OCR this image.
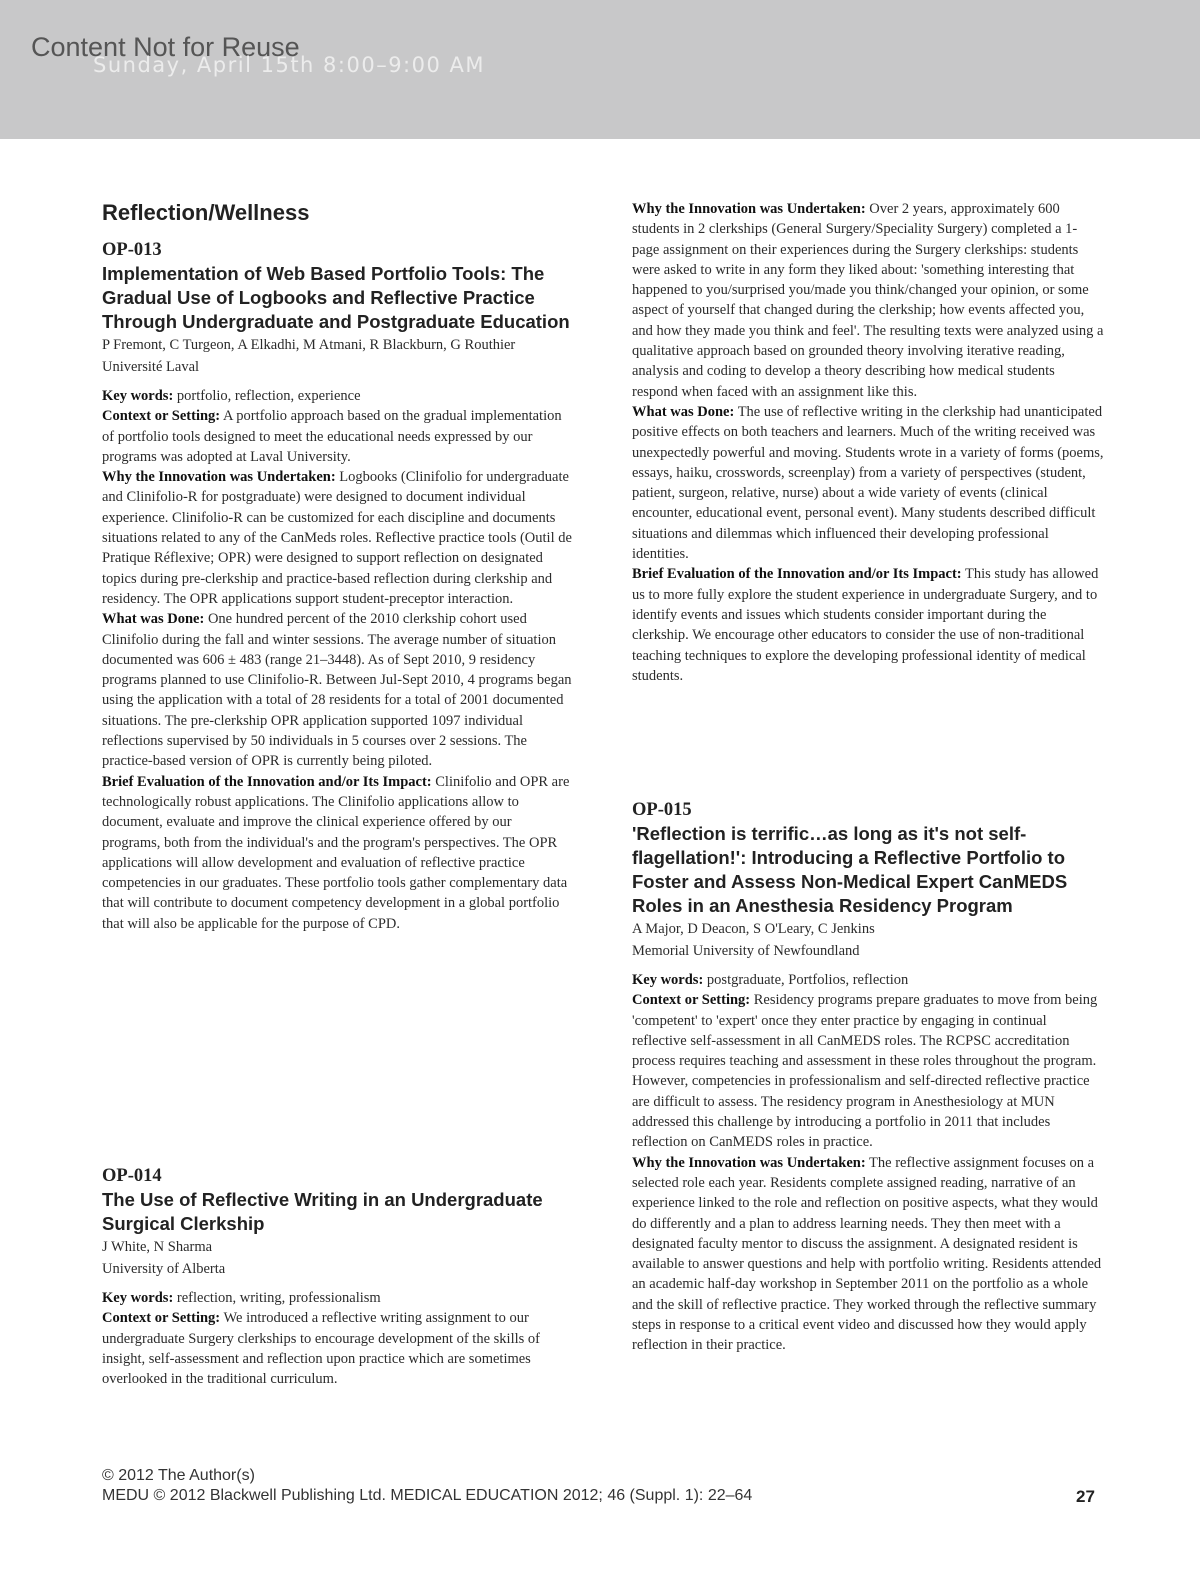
Content Not for Reuse
Sunday, April 15th 8:00–9:00 AM
Reflection/Wellness

OP-013

Implementation of Web Based Portfolio Tools: The Gradual Use of Logbooks and Reflective Practice Through Undergraduate and Postgraduate Education

P Fremont, C Turgeon, A Elkadhi, M Atmani, R Blackburn, G Routhier

Université Laval

Key words: portfolio, reflection, experience

Context or Setting: A portfolio approach based on the gradual implementation of portfolio tools designed to meet the educational needs expressed by our programs was adopted at Laval University.

Why the Innovation was Undertaken: Logbooks (Clinifolio for undergraduate and Clinifolio-R for postgraduate) were designed to document individual experience. Clinifolio-R can be customized for each discipline and documents situations related to any of the CanMeds roles. Reflective practice tools (Outil de Pratique Réflexive; OPR) were designed to support reflection on designated topics during pre-clerkship and practice-based reflection during clerkship and residency. The OPR applications support student-preceptor interaction.

What was Done: One hundred percent of the 2010 clerkship cohort used Clinifolio during the fall and winter sessions. The average number of situation documented was 606 ± 483 (range 21–3448). As of Sept 2010, 9 residency programs planned to use Clinifolio-R. Between Jul-Sept 2010, 4 programs began using the application with a total of 28 residents for a total of 2001 documented situations. The pre-clerkship OPR application supported 1097 individual reflections supervised by 50 individuals in 5 courses over 2 sessions. The practice-based version of OPR is currently being piloted.

Brief Evaluation of the Innovation and/or Its Impact: Clinifolio and OPR are technologically robust applications. The Clinifolio applications allow to document, evaluate and improve the clinical experience offered by our programs, both from the individual's and the program's perspectives. The OPR applications will allow development and evaluation of reflective practice competencies in our graduates. These portfolio tools gather complementary data that will contribute to document competency development in a global portfolio that will also be applicable for the purpose of CPD.

OP-014

The Use of Reflective Writing in an Undergraduate Surgical Clerkship

J White, N Sharma

University of Alberta

Key words: reflection, writing, professionalism

Context or Setting: We introduced a reflective writing assignment to our undergraduate Surgery clerkships to encourage development of the skills of insight, self-assessment and reflection upon practice which are sometimes overlooked in the traditional curriculum.

Why the Innovation was Undertaken: Over 2 years, approximately 600 students in 2 clerkships (General Surgery/Speciality Surgery) completed a 1-page assignment on their experiences during the Surgery clerkships: students were asked to write in any form they liked about: 'something interesting that happened to you/surprised you/made you think/changed your opinion, or some aspect of yourself that changed during the clerkship; how events affected you, and how they made you think and feel'. The resulting texts were analyzed using a qualitative approach based on grounded theory involving iterative reading, analysis and coding to develop a theory describing how medical students respond when faced with an assignment like this.

What was Done: The use of reflective writing in the clerkship had unanticipated positive effects on both teachers and learners. Much of the writing received was unexpectedly powerful and moving. Students wrote in a variety of forms (poems, essays, haiku, crosswords, screenplay) from a variety of perspectives (student, patient, surgeon, relative, nurse) about a wide variety of events (clinical encounter, educational event, personal event). Many students described difficult situations and dilemmas which influenced their developing professional identities.

Brief Evaluation of the Innovation and/or Its Impact: This study has allowed us to more fully explore the student experience in undergraduate Surgery, and to identify events and issues which students consider important during the clerkship. We encourage other educators to consider the use of non-traditional teaching techniques to explore the developing professional identity of medical students.

OP-015

'Reflection is terrific…as long as it's not self-flagellation!': Introducing a Reflective Portfolio to Foster and Assess Non-Medical Expert CanMEDS Roles in an Anesthesia Residency Program

A Major, D Deacon, S O'Leary, C Jenkins

Memorial University of Newfoundland

Key words: postgraduate, Portfolios, reflection

Context or Setting: Residency programs prepare graduates to move from being 'competent' to 'expert' once they enter practice by engaging in continual reflective self-assessment in all CanMEDS roles. The RCPSC accreditation process requires teaching and assessment in these roles throughout the program. However, competencies in professionalism and self-directed reflective practice are difficult to assess. The residency program in Anesthesiology at MUN addressed this challenge by introducing a portfolio in 2011 that includes reflection on CanMEDS roles in practice.

Why the Innovation was Undertaken: The reflective assignment focuses on a selected role each year. Residents complete assigned reading, narrative of an experience linked to the role and reflection on positive aspects, what they would do differently and a plan to address learning needs. They then meet with a designated faculty mentor to discuss the assignment. A designated resident is available to answer questions and help with portfolio writing. Residents attended an academic half-day workshop in September 2011 on the portfolio as a whole and the skill of reflective practice. They worked through the reflective summary steps in response to a critical event video and discussed how they would apply reflection in their practice.

© 2012 The Author(s)
MEDU © 2012 Blackwell Publishing Ltd. MEDICAL EDUCATION 2012; 46 (Suppl. 1): 22–64	27
